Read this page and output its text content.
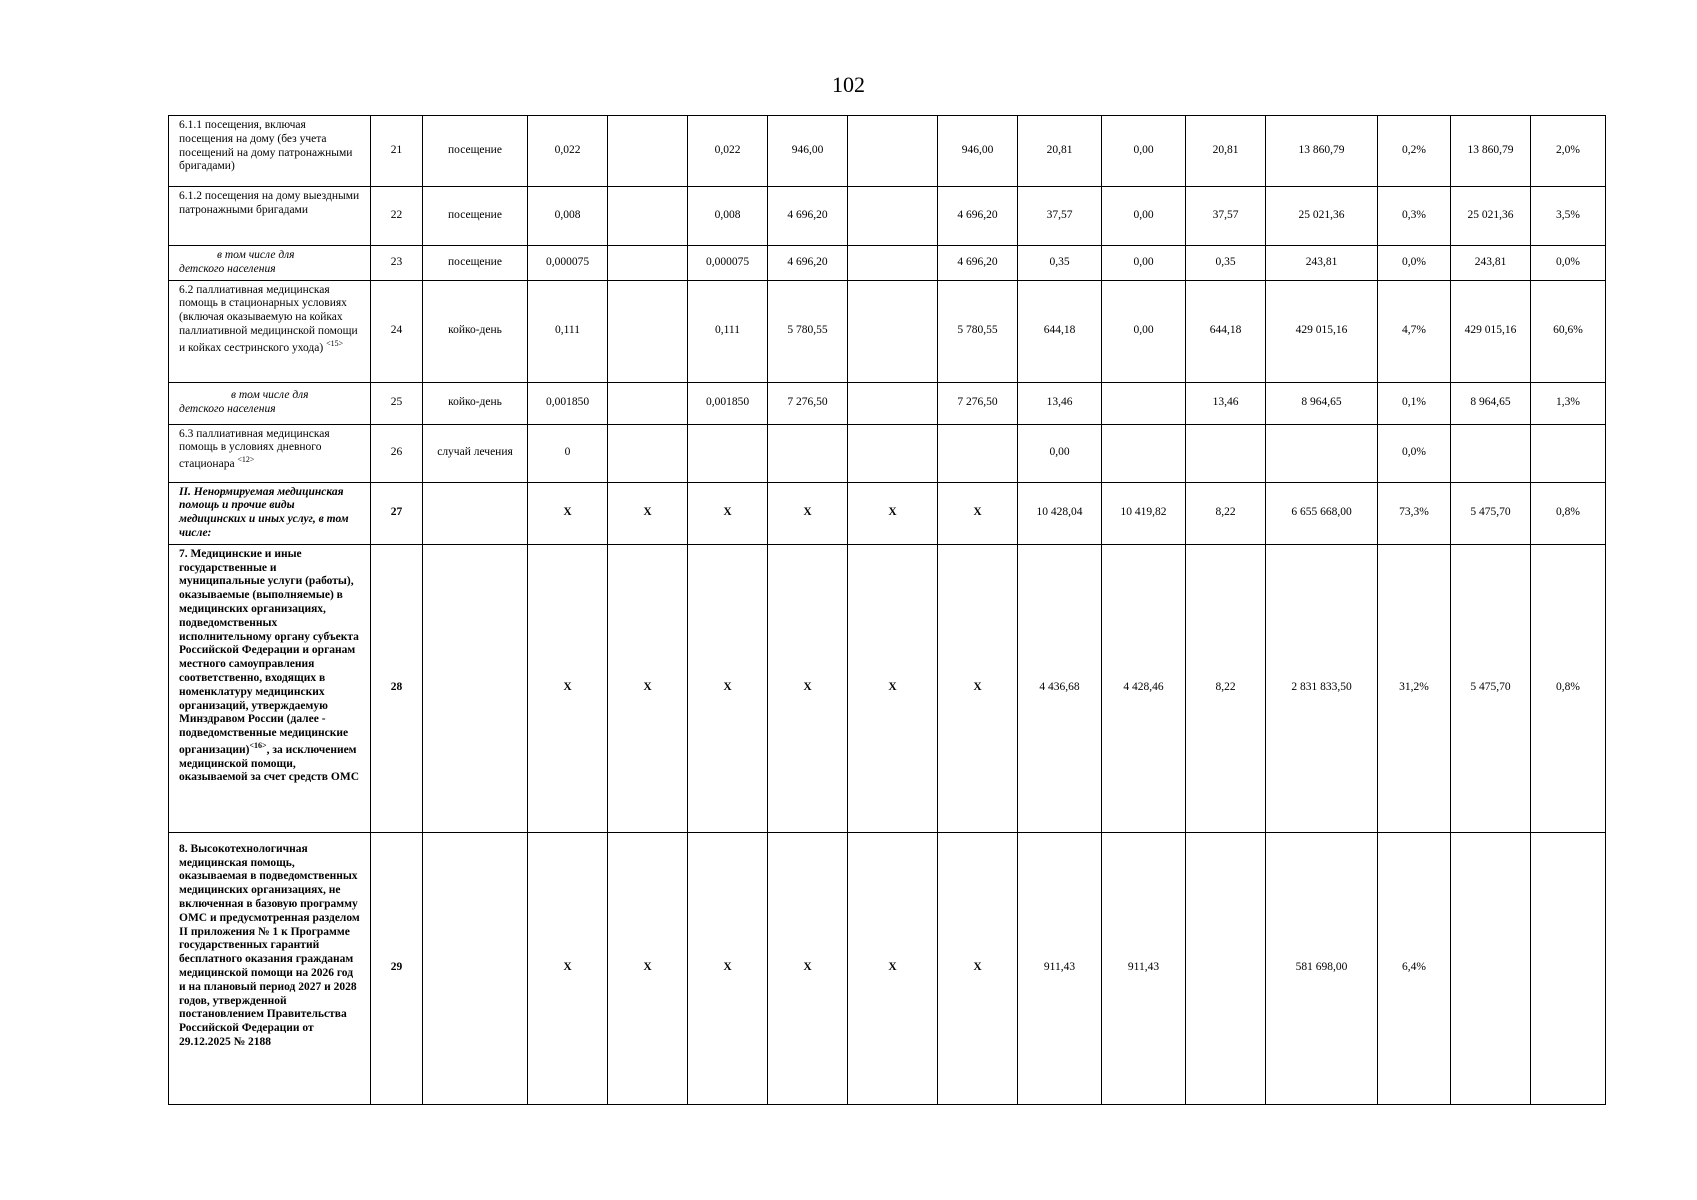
102
6.1.1 посещения, включая посещения на дому (без учета посещений на дому патронажными бригадами)	21	посещение	0,022		0,022	946,00		946,00	20,81	0,00	20,81	13 860,79	0,2%	13 860,79	2,0%
6.1.2 посещения на дому выездными патронажными бригадами	22	посещение	0,008		0,008	4 696,20		4 696,20	37,57	0,00	37,57	25 021,36	0,3%	25 021,36	3,5%

в том числе для
детского населения	23	посещение	0,000075		0,000075	4 696,20		4 696,20	0,35	0,00	0,35	243,81	0,0%	243,81	0,0%
6.2 паллиативная медицинская помощь в стационарных условиях (включая оказываемую на койках паллиативной медицинской помощи и койках сестринского ухода) $^{<15>}$	24	койко-день	0,111		0,111	5 780,55		5 780,55	644,18	0,00	644,18	429 015,16	4,7%	429 015,16	60,6%

в том числе для
детского населения	25	койко-день	0,001850		0,001850	7 276,50		7 276,50	13,46		13,46	8 964,65	0,1%	8 964,65	1,3%
6.3 паллиативная медицинская помощь в условиях дневного стационара $^{<12>}$	26	случай лечения	0						0,00				0,0%		
II. Ненормируемая медицинская помощь и прочие виды медицинских и иных услуг, в том числе:	27		X	X	X	X	X	X	10 428,04	10 419,82	8,22	6 655 668,00	73,3%	5 475,70	0,8%
7. Медицинские и иные государственные и муниципальные услуги (работы), оказываемые (выполняемые) в медицинских организациях, подведомственных исполнительному органу субъекта Российской Федерации и органам местного самоуправления соответственно, входящих в номенклатуру медицинских организаций, утверждаемую Минздравом России (далее - подведомственные медицинские организации)$^{<16>}$, за исключением медицинской помощи, оказываемой за счет средств ОМС	28		X	X	X	X	X	X	4 436,68	4 428,46	8,22	2 831 833,50	31,2%	5 475,70	0,8%
8. Высокотехнологичная медицинская помощь, оказываемая в подведомственных медицинских организациях, не включенная в базовую программу ОМС и предусмотренная разделом II приложения № 1 к Программе государственных гарантий бесплатного оказания гражданам медицинской помощи на 2026 год и на плановый период 2027 и 2028 годов, утвержденной постановлением Правительства Российской Федерации от 29.12.2025 № 2188	29		X	X	X	X	X	X	911,43	911,43		581 698,00	6,4%		
